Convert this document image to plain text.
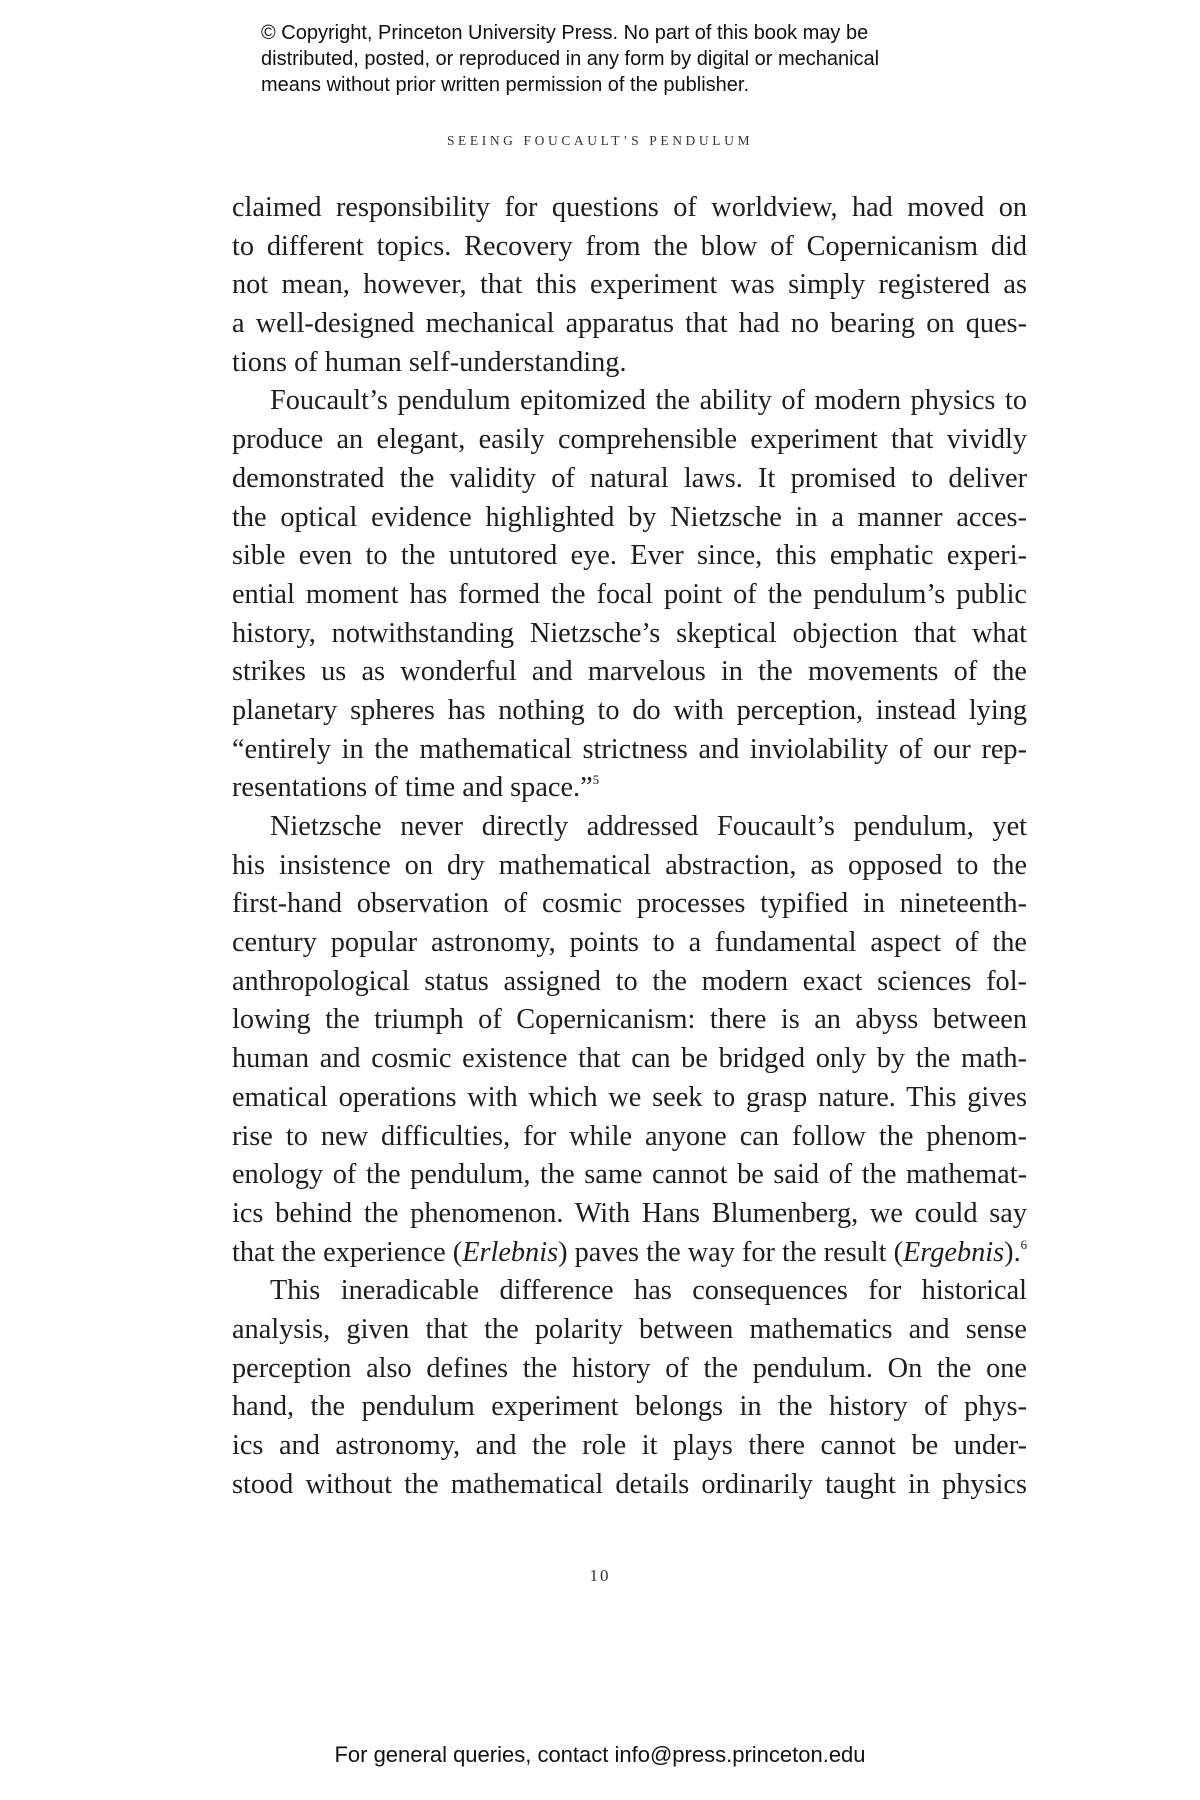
© Copyright, Princeton University Press. No part of this book may be
distributed, posted, or reproduced in any form by digital or mechanical
means without prior written permission of the publisher.
SEEING FOUCAULT’S PENDULUM
claimed responsibility for questions of worldview, had moved on
to different topics. Recovery from the blow of Copernicanism did
not mean, however, that this experiment was simply registered as
a well-designed mechanical apparatus that had no bearing on ques-
tions of human self-understanding.
Foucault’s pendulum epitomized the ability of modern physics to
produce an elegant, easily comprehensible experiment that vividly
demonstrated the validity of natural laws. It promised to deliver
the optical evidence highlighted by Nietzsche in a manner acces-
sible even to the untutored eye. Ever since, this emphatic experi-
ential moment has formed the focal point of the pendulum’s public
history, notwithstanding Nietzsche’s skeptical objection that what
strikes us as wonderful and marvelous in the movements of the
planetary spheres has nothing to do with perception, instead lying
“entirely in the mathematical strictness and inviolability of our rep-
resentations of time and space.”$^5$
Nietzsche never directly addressed Foucault’s pendulum, yet
his insistence on dry mathematical abstraction, as opposed to the
first-hand observation of cosmic processes typified in nineteenth-
century popular astronomy, points to a fundamental aspect of the
anthropological status assigned to the modern exact sciences fol-
lowing the triumph of Copernicanism: there is an abyss between
human and cosmic existence that can be bridged only by the math-
ematical operations with which we seek to grasp nature. This gives
rise to new difficulties, for while anyone can follow the phenom-
enology of the pendulum, the same cannot be said of the mathemat-
ics behind the phenomenon. With Hans Blumenberg, we could say
that the experience (Erlebnis) paves the way for the result (Ergebnis).$^6$
This ineradicable difference has consequences for historical
analysis, given that the polarity between mathematics and sense
perception also defines the history of the pendulum. On the one
hand, the pendulum experiment belongs in the history of phys-
ics and astronomy, and the role it plays there cannot be under-
stood without the mathematical details ordinarily taught in physics
10
For general queries, contact info@press.princeton.edu
